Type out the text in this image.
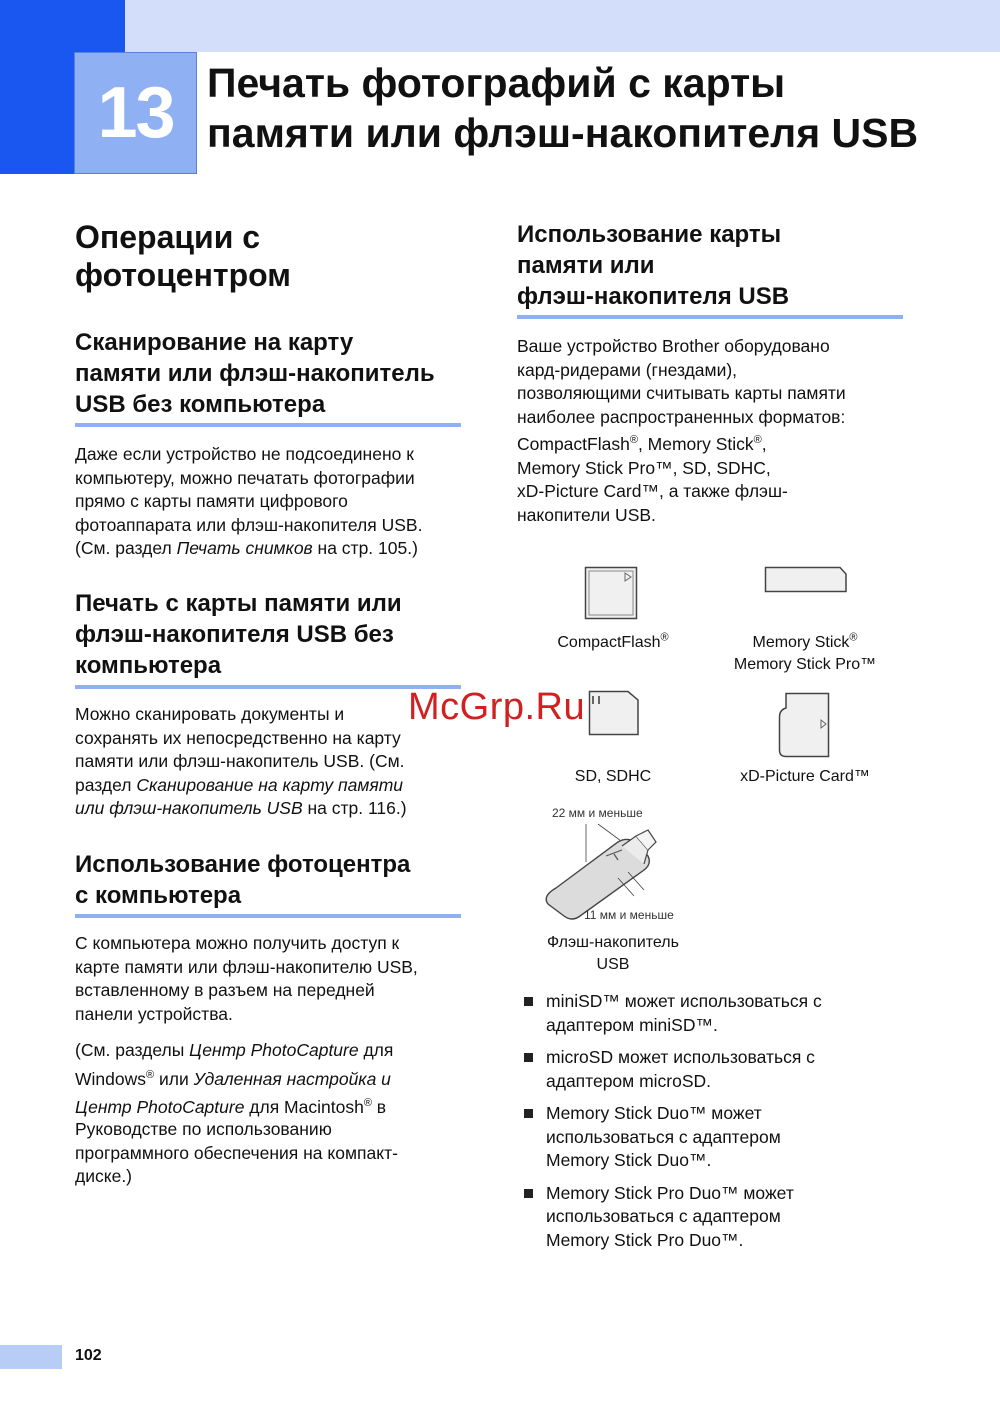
13 Печать фотографий с карты
памяти или флэш-накопителя USB
Операции с
фотоцентром
Сканирование на карту
памяти или флэш-накопитель
USB без компьютера
Даже если устройство не подсоединено к
компьютеру, можно печатать фотографии
прямо с карты памяти цифрового
фотоаппарата или флэш-накопителя USB.
(См. раздел Печать снимков на стр. 105.)
Печать с карты памяти или
флэш-накопителя USB без
компьютера
Можно сканировать документы и
сохранять их непосредственно на карту
памяти или флэш-накопитель USB. (См.
раздел Сканирование на карту памяти
или флэш-накопитель USB на стр. 116.)
Использование фотоцентра
с компьютера
С компьютера можно получить доступ к
карте памяти или флэш-накопителю USB,
вставленному в разъем на передней
панели устройства.
(См. разделы Центр PhotoCapture для
Windows® или Удаленная настройка и
Центр PhotoCapture для Macintosh® в
Руководстве по использованию
программного обеспечения на компакт-
диске.)
Использование карты
памяти или
флэш-накопителя USB
Ваше устройство Brother оборудовано
кард-ридерами (гнездами),
позволяющими считывать карты памяти
наиболее распространенных форматов:
CompactFlash®, Memory Stick®,
Memory Stick Pro™, SD, SDHC,
xD-Picture Card™, а также флэш-
накопители USB.
CompactFlash®	Memory Stick®
Memory Stick Pro™
SD, SDHC	xD-Picture Card™
22 мм и меньше
11 мм и меньше
Флэш-накопитель
USB
miniSD™ может использоваться с
адаптером miniSD™.
microSD может использоваться с
адаптером microSD.
Memory Stick Duo™ может
использоваться с адаптером
Memory Stick Duo™.
Memory Stick Pro Duo™ может
использоваться с адаптером
Memory Stick Pro Duo™.
McGrp.Ru
102
